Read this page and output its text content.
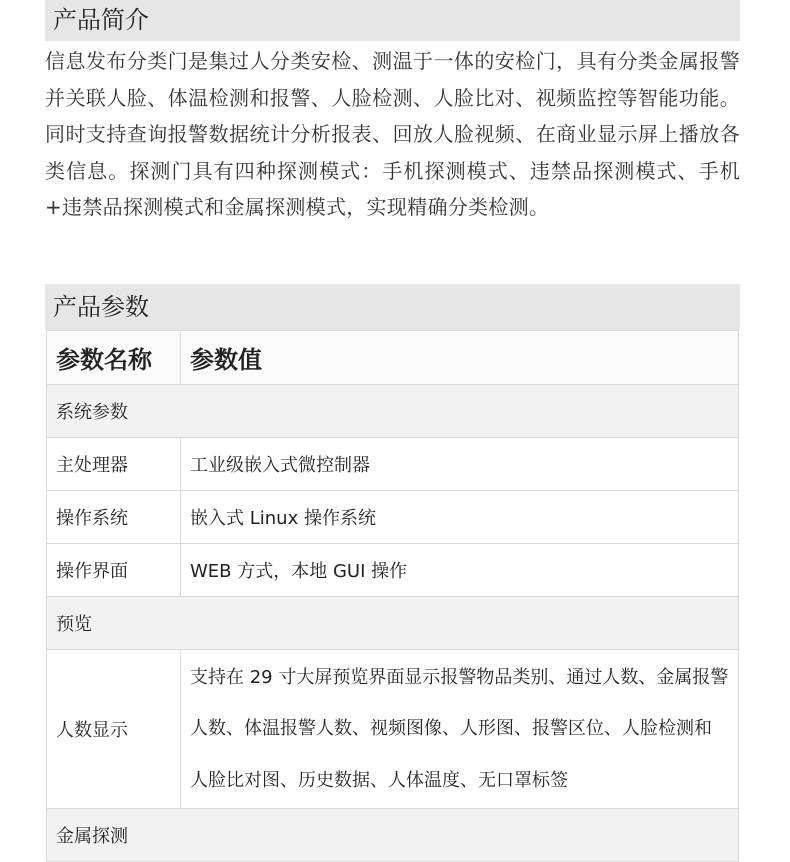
产品简介
信息发布分类门是集过人分类安检、测温于一体的安检门，具有分类金属报警并关联人脸、体温检测和报警、人脸检测、人脸比对、视频监控等智能功能。同时支持查询报警数据统计分析报表、回放人脸视频、在商业显示屏上播放各类信息。探测门具有四种探测模式：手机探测模式、违禁品探测模式、手机+违禁品探测模式和金属探测模式，实现精确分类检测。
产品参数
参数名称	参数值
系统参数	
主处理器	工业级嵌入式微控制器
操作系统	嵌入式 Linux 操作系统
操作界面	WEB 方式，本地 GUI 操作
预览	
人数显示	支持在 29 寸大屏预览界面显示报警物品类别、通过人数、金属报警人数、体温报警人数、视频图像、人形图、报警区位、人脸检测和人脸比对图、历史数据、人体温度、无口罩标签
金属探测	
